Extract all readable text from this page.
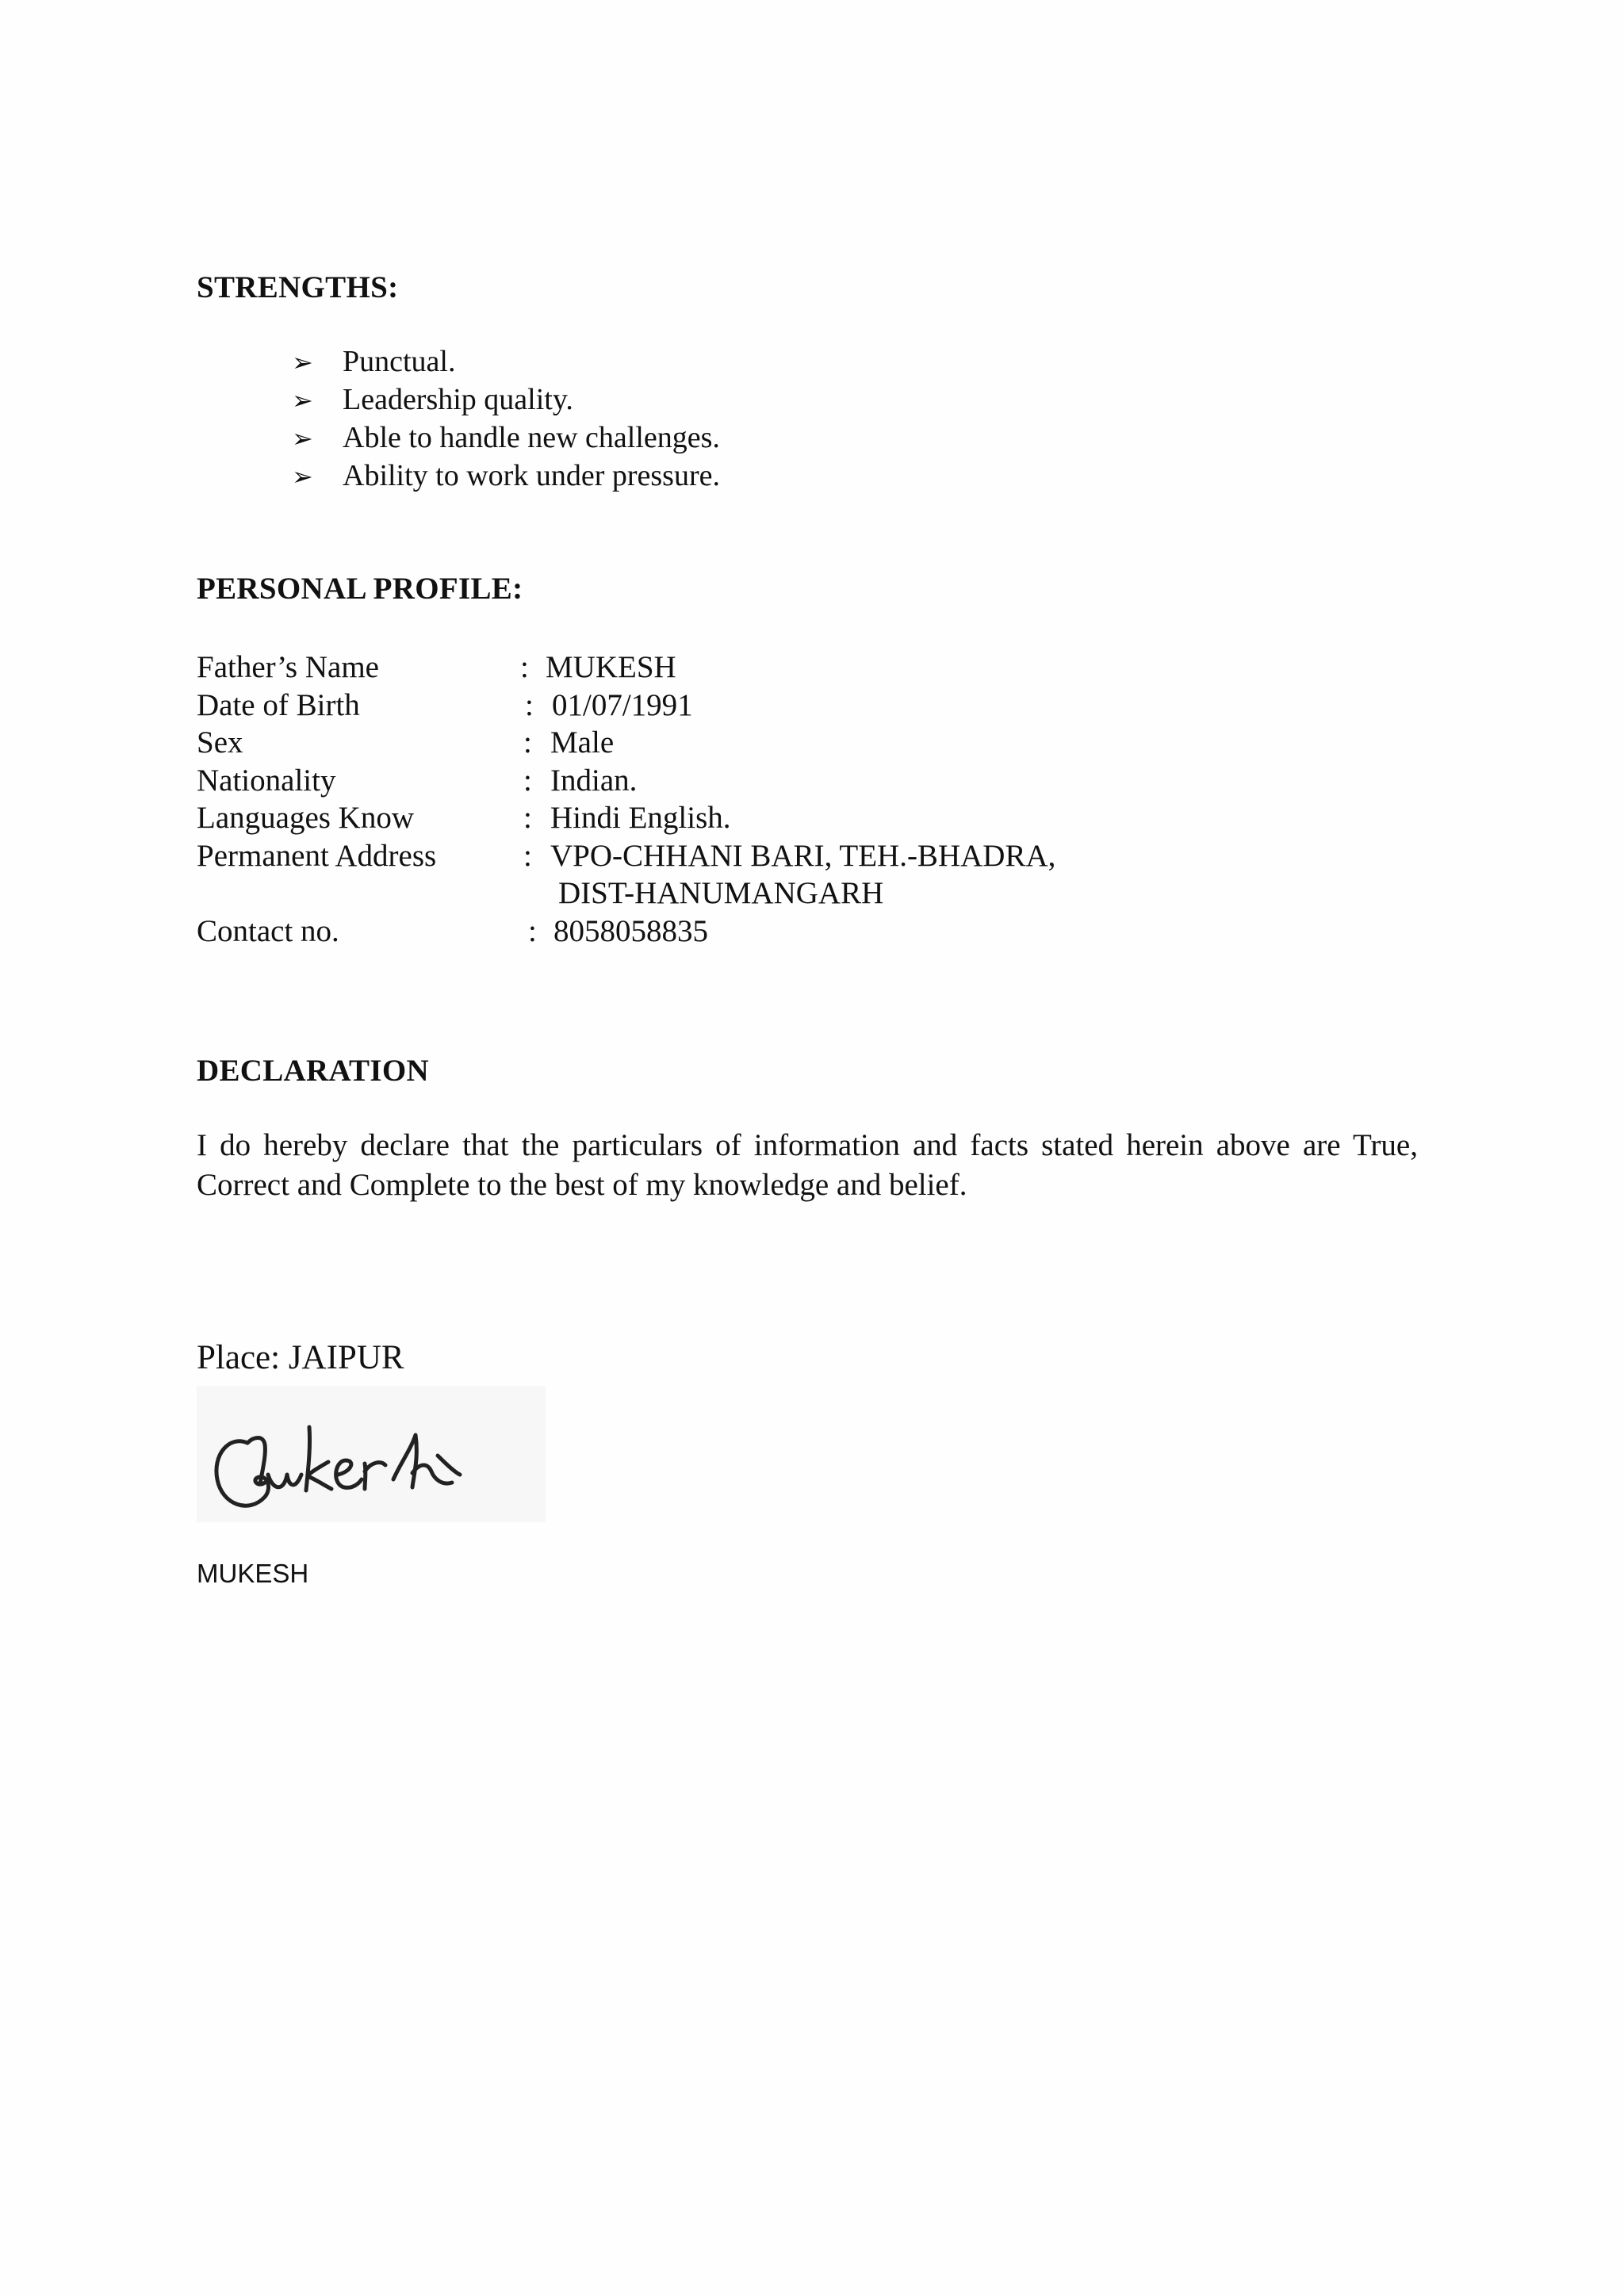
STRENGTHS:
➢ Punctual.
➢ Leadership quality.
➢ Able to handle new challenges.
➢ Ability to work under pressure.
PERSONAL PROFILE:
Father’s Name	: MUKESH
Date of Birth	: 01/07/1991
Sex	: Male
Nationality	: Indian.
Languages Know	: Hindi English.
Permanent Address	: VPO-CHHANI BARI, TEH.-BHADRA,
DIST-HANUMANGARH
Contact no.	: 8058058835
DECLARATION
I do hereby declare that the particulars of information and facts stated herein above are True, Correct and Complete to the best of my knowledge and belief.
Place: JAIPUR
MUKESH
